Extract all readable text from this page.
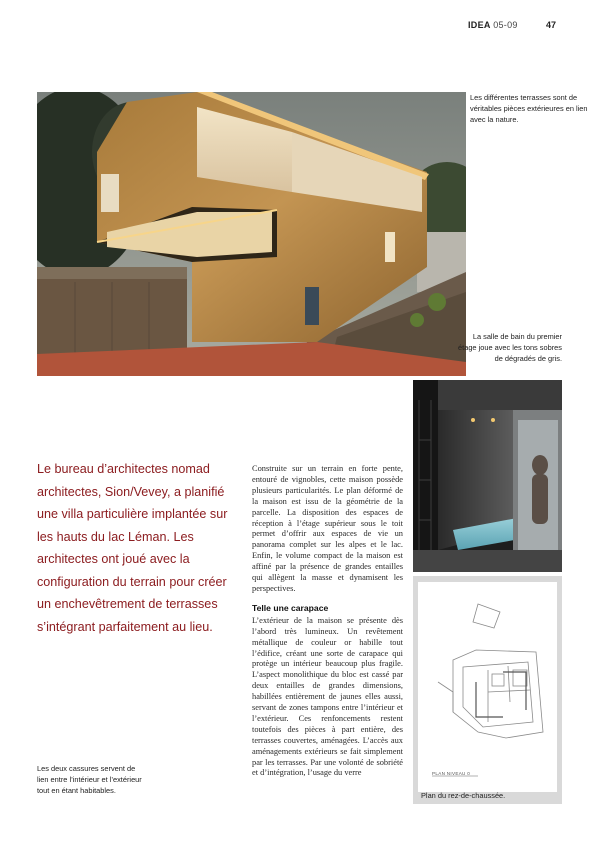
IDEA 05-09	47
Les différentes terrasses sont de véritables pièces extérieures en lien avec la nature.
La salle de bain du premier étage joue avec les tons sobres de dégradés de gris.
Le bureau d’architectes nomad architectes, Sion/Vevey, a planifié une villa particulière implantée sur les hauts du lac Léman. Les architectes ont joué avec la configuration du terrain pour créer un enchevêtrement de terrasses s’intégrant parfaitement au lieu.

Construite sur un terrain en forte pente, entouré de vignobles, cette maison possède plusieurs particularités. Le plan déformé de la maison est issu de la géométrie de la parcelle. La disposition des espaces de réception à l’étage supérieur sous le toit permet d’offrir aux espaces de vie un panorama complet sur les alpes et le lac. Enfin, le volume compact de la maison est affiné par la présence de grandes entailles qui allègent la masse et dynamisent les perspectives.

Telle une carapace

L’extérieur de la maison se présente dès l’abord très lumineux. Un revêtement métallique de couleur or habille tout l’édifice, créant une sorte de carapace qui protège un intérieur beaucoup plus fragile. L’aspect monolithique du bloc est cassé par deux entailles de grandes dimensions, habillées entièrement de jaunes elles aussi, servant de zones tampons entre l’intérieur et l’extérieur. Ces renfoncements restent toutefois des pièces à part entière, des terrasses couvertes, aménagées. L’accès aux aménagements extérieurs se fait simplement par les terrasses. Par une volonté de sobriété et d’intégration, l’usage du verre	PLAN NIVEAU 0
Plan du rez-de-chaussée.
Les deux cassures servent de lien entre l’intérieur et l’extérieur tout en étant habitables.
